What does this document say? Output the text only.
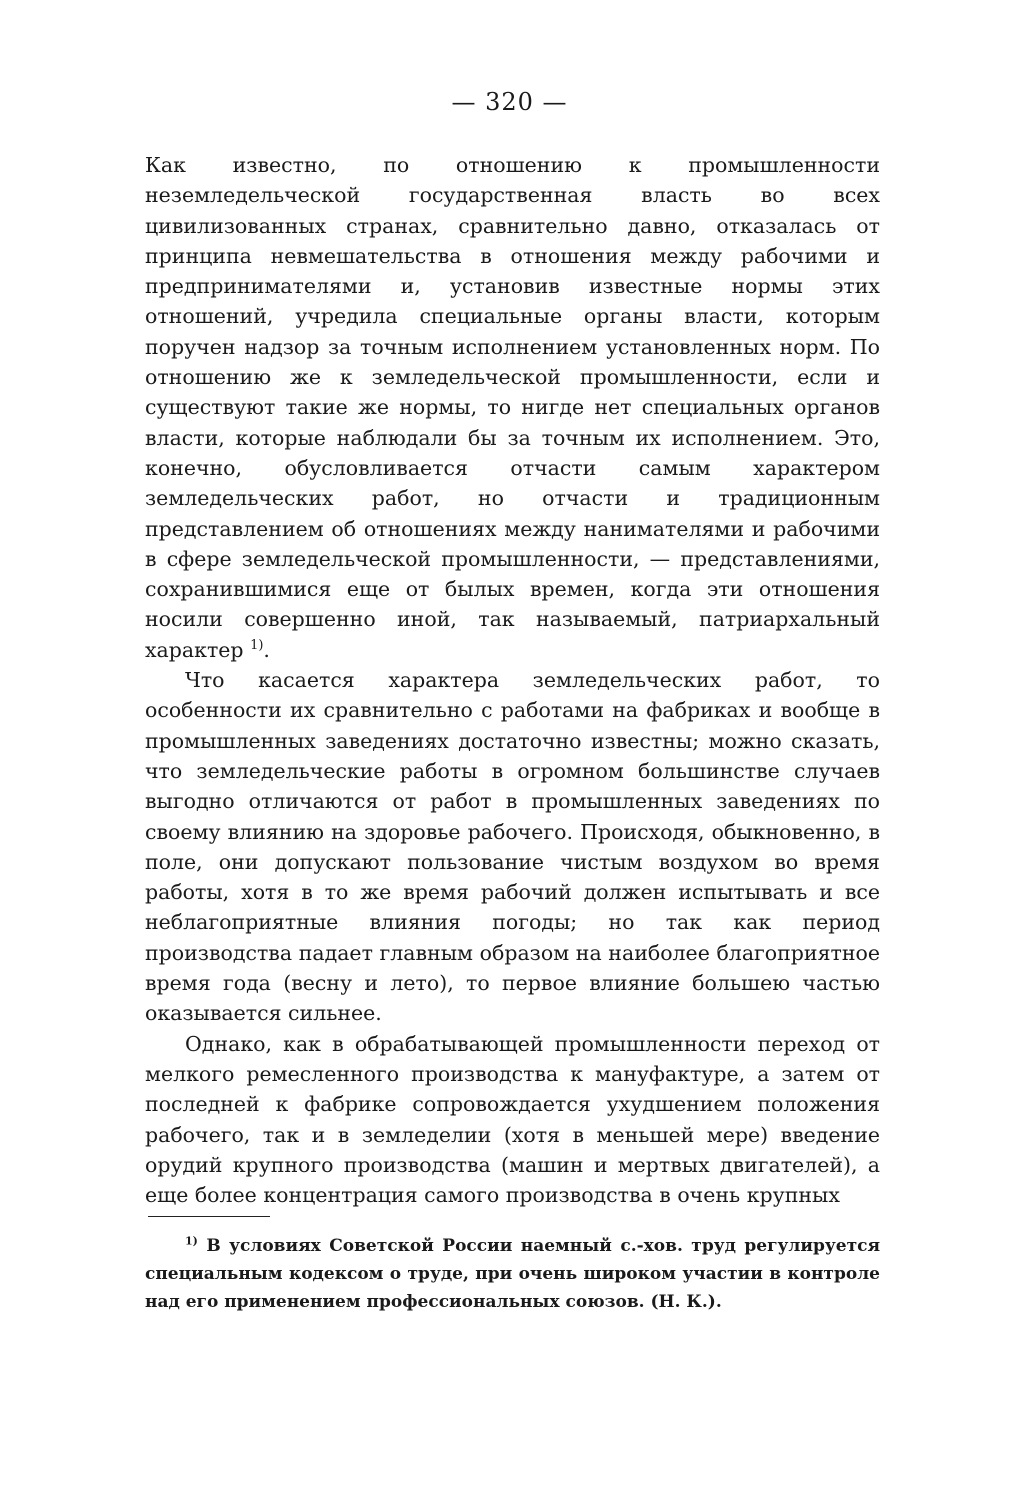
— 320 —

Как известно, по отношению к промышленности неземледельческой государственная власть во всех цивилизованных странах, сравнительно давно, отказалась от принципа невмешательства в отношения между рабочими и предпринимателями и, установив известные нормы этих отношений, учредила специальные органы власти, которым поручен надзор за точным исполнением установленных норм. По отношению же к земледельческой промышленности, если и существуют такие же нормы, то нигде нет специальных органов власти, которые наблюдали бы за точным их исполнением. Это, конечно, обусловливается отчасти самым характером земледельческих работ, но отчасти и традиционным представлением об отношениях между нанимателями и рабочими в сфере земледельческой промышленности, — представлениями, сохранившимися еще от былых времен, когда эти отношения носили совершенно иной, так называемый, патриархальный характер $^{1)}$.

Что касается характера земледельческих работ, то особенности их сравнительно с работами на фабриках и вообще в промышленных заведениях достаточно известны; можно сказать, что земледельческие работы в огромном большинстве случаев выгодно отличаются от работ в промышленных заведениях по своему влиянию на здоровье рабочего. Происходя, обыкновенно, в поле, они допускают пользование чистым воздухом во время работы, хотя в то же время рабочий должен испытывать и все неблагоприятные влияния погоды; но так как период производства падает главным образом на наиболее благоприятное время года (весну и лето), то первое влияние большею частью оказывается сильнее.

Однако, как в обрабатывающей промышленности переход от мелкого ремесленного производства к мануфактуре, а затем от последней к фабрике сопровождается ухудшением положения рабочего, так и в земледелии (хотя в меньшей мере) введение орудий крупного производства (машин и мертвых двигателей), а еще более концентрация самого производства в очень крупных

$^{1)}$ В условиях Советской России наемный с.-хов. труд регулируется специальным кодексом о труде, при очень широком участии в контроле над его применением профессиональных союзов. (Н. К.).
